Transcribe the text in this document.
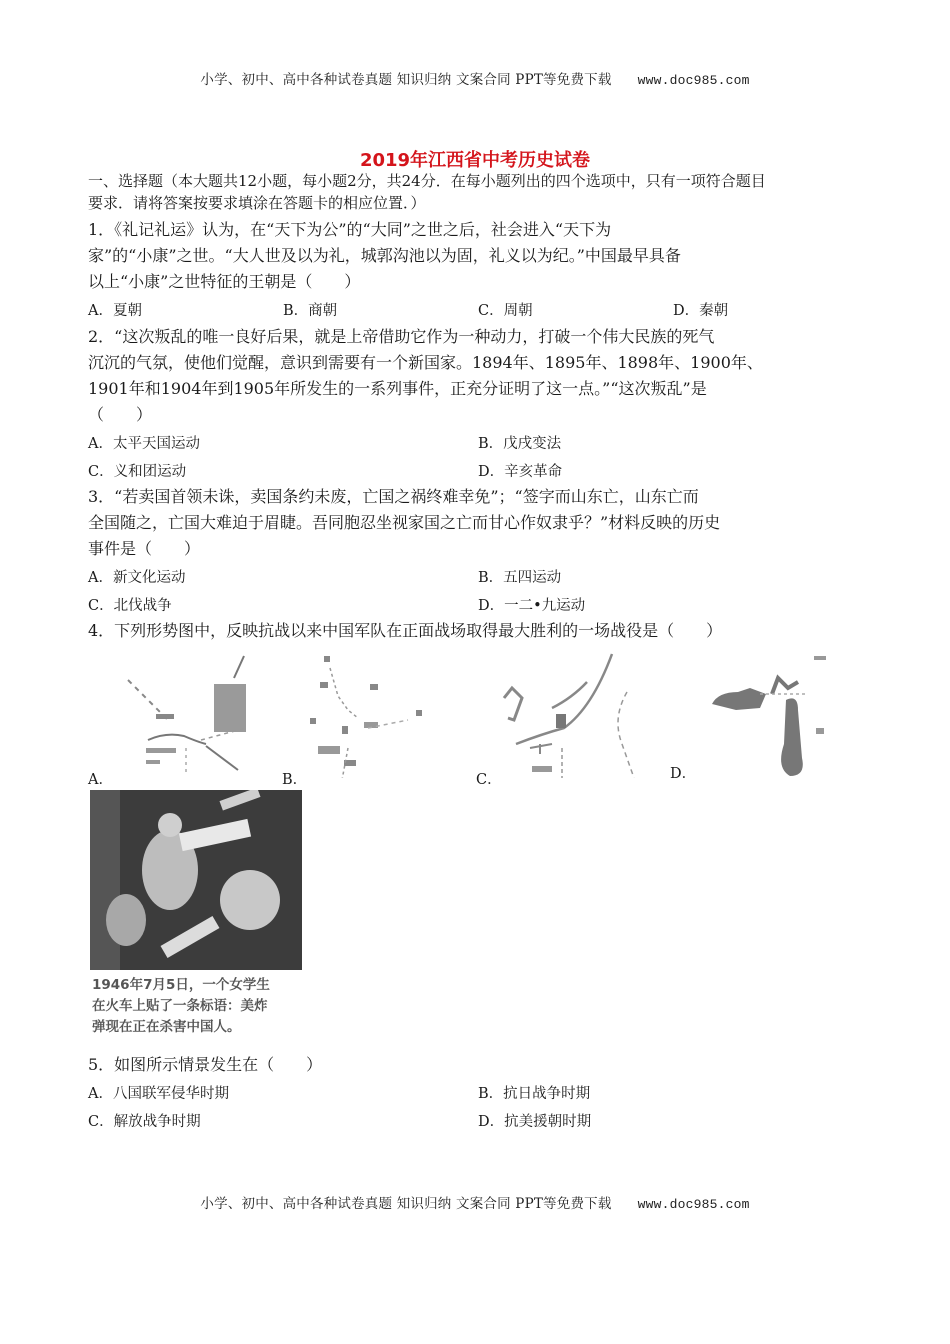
小学、初中、高中各种试卷真题 知识归纳 文案合同 PPT等免费下载 www.doc985.com
2019年江西省中考历史试卷
一、选择题（本大题共12小题，每小题2分，共24分．在每小题列出的四个选项中，只有一项符合题目
要求．请将答案按要求填涂在答题卡的相应位置．）
1．《礼记礼运》认为，在“天下为公”的“大同”之世之后，社会进入“天下为
家”的“小康”之世。“大人世及以为礼，城郭沟池以为固，礼义以为纪。”中国最早具备
以上“小康”之世特征的王朝是（　　）
A．夏朝	B．商朝	C．周朝	D．秦朝
2．“这次叛乱的唯一良好后果，就是上帝借助它作为一种动力，打破一个伟大民族的死气
沉沉的气氛，使他们觉醒，意识到需要有一个新国家。1894年、1895年、1898年、1900年、
1901年和1904年到1905年所发生的一系列事件，正充分证明了这一点。”“这次叛乱”是
（　　）
A．太平天国运动	B．戊戌变法
C．义和团运动	D．辛亥革命
3．“若卖国首领未诛，卖国条约未废，亡国之祸终难幸免”；“签字而山东亡，山东亡而
全国随之，亡国大难迫于眉睫。吾同胞忍坐视家国之亡而甘心作奴隶乎？”材料反映的历史
事件是（　　）
A．新文化运动	B．五四运动
C．北伐战争	D．一二•九运动
4．下列形势图中，反映抗战以来中国军队在正面战场取得最大胜利的一场战役是（　　）
A．	B．	C．	D．
1946年7月5日，一个女学生
在火车上贴了一条标语：美炸
弹现在正在杀害中国人。
5．如图所示情景发生在（　　）
A．八国联军侵华时期	B．抗日战争时期
C．解放战争时期	D．抗美援朝时期
小学、初中、高中各种试卷真题 知识归纳 文案合同 PPT等免费下载 www.doc985.com
